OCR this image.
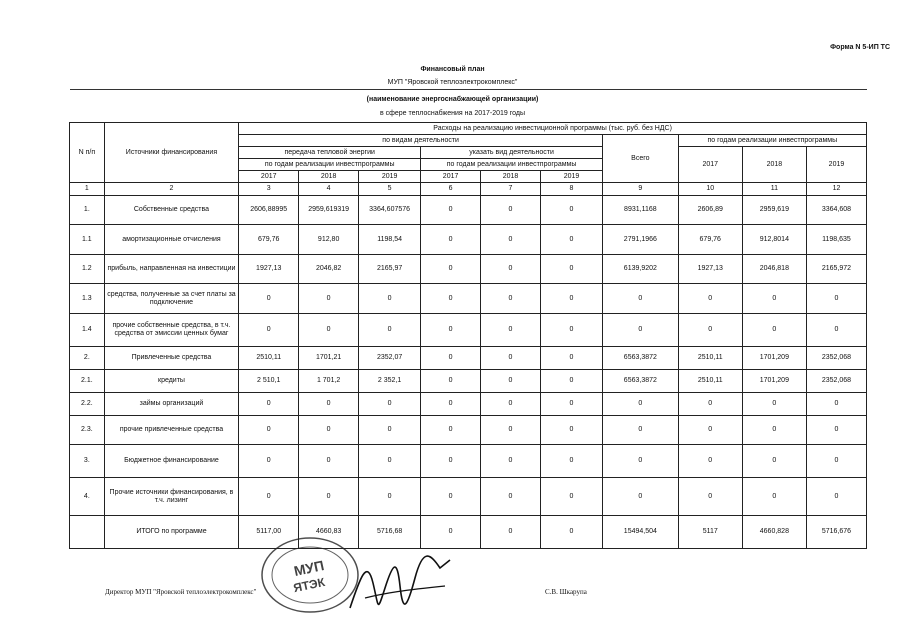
Форма N 5-ИП ТС
Финансовый план
МУП "Яровской теплоэлектрокомплекс"
(наименование энергоснабжающей организации)
в сфере теплоснабжения на 2017-2019 годы
N п/п	Источники финансирования	Расходы на реализацию инвестиционной программы (тыс. руб. без НДС)									
		по видам деятельности						Всего	по годам реализации инвестпрограммы		
		передача тепловой энергии			указать вид деятельности				2017	2018	2019
		по годам реализации инвестпрограммы			по годам реализации инвестпрограммы						
		2017	2018	2019	2017	2018	2019				
1	2	3	4	5	6	7	8	9	10	11	12
1.	Собственные средства	2606,88995	2959,619319	3364,607576	0	0	0	8931,1168	2606,89	2959,619	3364,608
1.1	амортизационные отчисления	679,76	912,80	1198,54	0	0	0	2791,1966	679,76	912,8014	1198,635
1.2	прибыль, направленная на инвестиции	1927,13	2046,82	2165,97	0	0	0	6139,9202	1927,13	2046,818	2165,972
1.3	средства, полученные за счет платы за подключение	0	0	0	0	0	0	0	0	0	0
1.4	прочие собственные средства, в т.ч. средства от эмиссии ценных бумаг	0	0	0	0	0	0	0	0	0	0
2.	Привлеченные средства	2510,11	1701,21	2352,07	0	0	0	6563,3872	2510,11	1701,209	2352,068
2.1.	кредиты	2 510,1	1 701,2	2 352,1	0	0	0	6563,3872	2510,11	1701,209	2352,068
2.2.	займы организаций	0	0	0	0	0	0	0	0	0	0
2.3.	прочие привлеченные средства	0	0	0	0	0	0	0	0	0	0
3.	Бюджетное финансирование	0	0	0	0	0	0	0	0	0	0
4.	Прочие источники финансирования, в т.ч. лизинг	0	0	0	0	0	0	0	0	0	0
	ИТОГО по программе	5117,00	4660,83	5716,68	0	0	0	15494,504	5117	4660,828	5716,676
Директор МУП "Яровской теплоэлектрокомплекс"	С.В. Шкарупа
МУП
ЯТЭК
